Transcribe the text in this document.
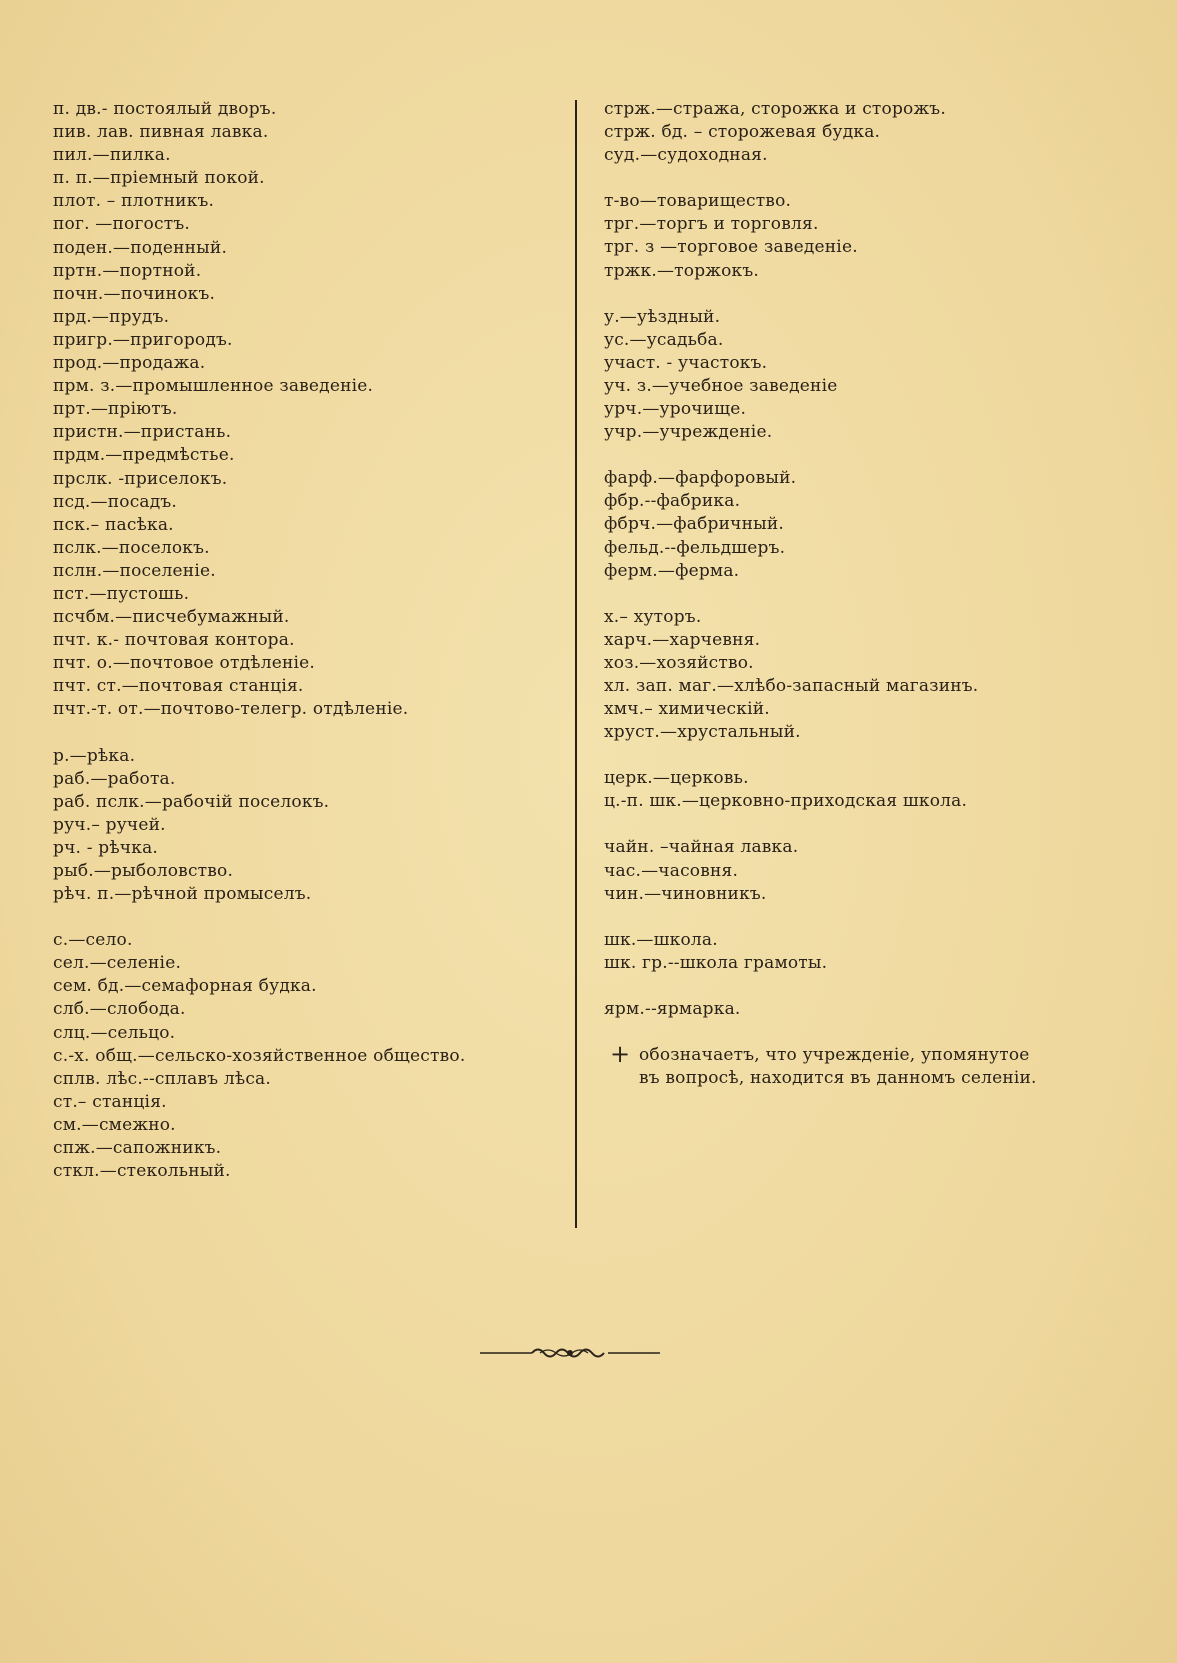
п. дв.- постоялый дворъ.
пив. лав. пивная лавка.
пил.—пилка.
п. п.—пріемный покой.
плот. – плотникъ.
пог. —погостъ.
поден.—поденный.
пртн.—портной.
почн.—починокъ.
прд.—прудъ.
пригр.—пригородъ.
прод.—продажа.
прм. з.—промышленное заведеніе.
прт.—пріютъ.
пристн.—пристань.
прдм.—предмѣстье.
прслк. -приселокъ.
псд.—посадъ.
пск.– пасѣка.
пслк.—поселокъ.
пслн.—поселеніе.
пст.—пустошь.
псчбм.—писчебумажный.
пчт. к.- почтовая контора.
пчт. о.—почтовое отдѣленіе.
пчт. ст.—почтовая станція.
пчт.-т. от.—почтово-телегр. отдѣленіе.
р.—рѣка.
раб.—работа.
раб. пслк.—рабочій поселокъ.
руч.– ручей.
рч. - рѣчка.
рыб.—рыболовство.
рѣч. п.—рѣчной промыселъ.
с.—село.
сел.—селеніе.
сем. бд.—семафорная будка.
слб.—слобода.
слц.—сельцо.
с.-х. общ.—сельско-хозяйственное общество.
сплв. лѣс.--сплавъ лѣса.
ст.– станція.
см.—смежно.
спж.—сапожникъ.
сткл.—стекольный.
стрж.—стража, сторожка и сторожъ.
стрж. бд. – сторожевая будка.
суд.—судоходная.
т-во—товарищество.
трг.—торгъ и торговля.
трг. з —торговое заведеніе.
тржк.—торжокъ.
у.—уѣздный.
ус.—усадьба.
участ. - участокъ.
уч. з.—учебное заведеніе
урч.—урочище.
учр.—учрежденіе.
фарф.—фарфоровый.
фбр.--фабрика.
фбрч.—фабричный.
фельд.--фельдшеръ.
ферм.—ферма.
х.– хуторъ.
харч.—харчевня.
хоз.—хозяйство.
хл. зап. маг.—хлѣбо-запасный магазинъ.
хмч.– химическій.
хруст.—хрустальный.
церк.—церковь.
ц.-п. шк.—церковно-приходская школа.
чайн. –чайная лавка.
час.—часовня.
чин.—чиновникъ.
шк.—школа.
шк. гр.--школа грамоты.
ярм.--ярмарка.
+ обозначаетъ, что учрежденіе, упомянутое
въ вопросѣ, находится въ данномъ селеніи.
